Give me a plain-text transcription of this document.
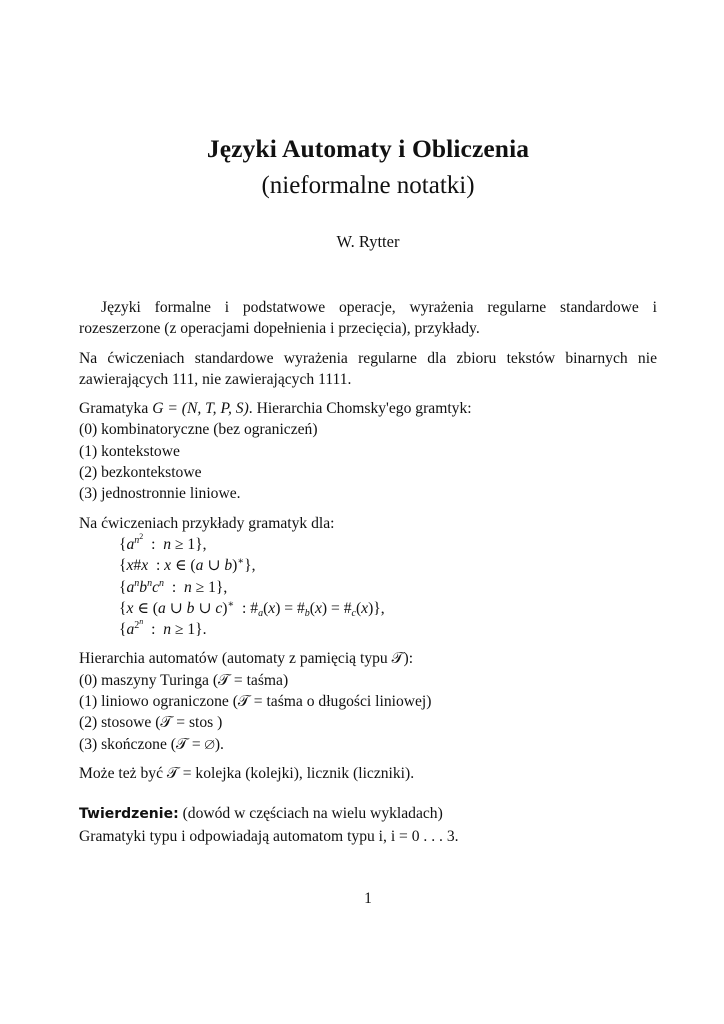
Języki Automaty i Obliczenia
(nieformalne notatki)
W. Rytter

Języki formalne i podstatwowe operacje, wyrażenia regularne standardowe i rozeszerzone (z operacjami dopełnienia i przecięcia), przykłady.

Na ćwiczeniach standardowe wyrażenia regularne dla zbioru tekstów binarnych nie zawierających 111, nie zawierających 1111.

Gramatyka G = (N, T, P, S). Hierarchia Chomsky'ego gramtyk:
(0) kombinatoryczne (bez ograniczeń)
(1) kontekstowe
(2) bezkontekstowe
(3) jednostronnie liniowe.
Na ćwiczeniach przykłady gramatyk dla:
{$a^{n^2}$  :  n ≥ 1},
{x#x  : x ∈ (a ∪ b)∗},
{$a^nb^nc^n$  :  n ≥ 1},
{x ∈ (a ∪ b ∪ c)∗  : $\#_a(x)$ = $\#_b(x)$ = $\#_c(x)$},
{$a^{2^n}$  :  n ≥ 1}.
Hierarchia automatów (automaty z pamięcią typu 𝒯):
(0) maszyny Turinga (𝒯 = taśma)
(1) liniowo ograniczone (𝒯 = taśma o długości liniowej)
(2) stosowe (𝒯 = stos )
(3) skończone (𝒯 = ∅).
Może też być 𝒯 = kolejka (kolejki), licznik (liczniki).
Twierdzenie: (dowód w częściach na wielu wykladach)
Gramatyki typu i odpowiadają automatom typu i, i = 0 . . . 3.
1
